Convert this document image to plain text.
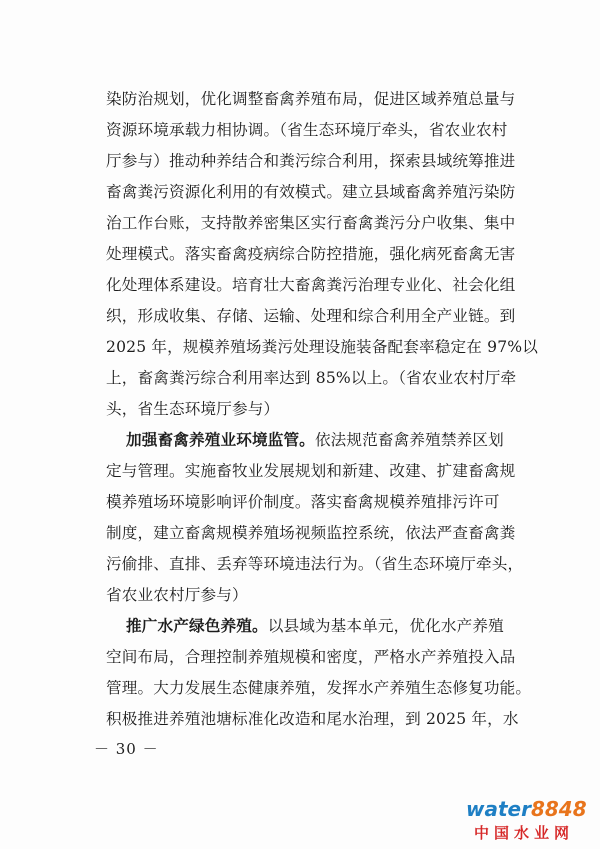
染防治规划，优化调整畜禽养殖布局，促进区域养殖总量与
资源环境承载力相协调。（省生态环境厅牵头，省农业农村
厅参与）推动种养结合和粪污综合利用，探索县域统筹推进
畜禽粪污资源化利用的有效模式。建立县域畜禽养殖污染防
治工作台账，支持散养密集区实行畜禽粪污分户收集、集中
处理模式。落实畜禽疫病综合防控措施，强化病死畜禽无害
化处理体系建设。培育壮大畜禽粪污治理专业化、社会化组
织，形成收集、存储、运输、处理和综合利用全产业链。到
2025 年，规模养殖场粪污处理设施装备配套率稳定在 97%以
上，畜禽粪污综合利用率达到 85%以上。（省农业农村厅牵
头，省生态环境厅参与）
加强畜禽养殖业环境监管。依法规范畜禽养殖禁养区划
定与管理。实施畜牧业发展规划和新建、改建、扩建畜禽规
模养殖场环境影响评价制度。落实畜禽规模养殖排污许可
制度，建立畜禽规模养殖场视频监控系统，依法严查畜禽粪
污偷排、直排、丢弃等环境违法行为。（省生态环境厅牵头，
省农业农村厅参与）
推广水产绿色养殖。以县域为基本单元，优化水产养殖
空间布局，合理控制养殖规模和密度，严格水产养殖投入品
管理。大力发展生态健康养殖，发挥水产养殖生态修复功能。
积极推进养殖池塘标准化改造和尾水治理，到 2025 年，水
－ 30 －
water8848
中国水业网
